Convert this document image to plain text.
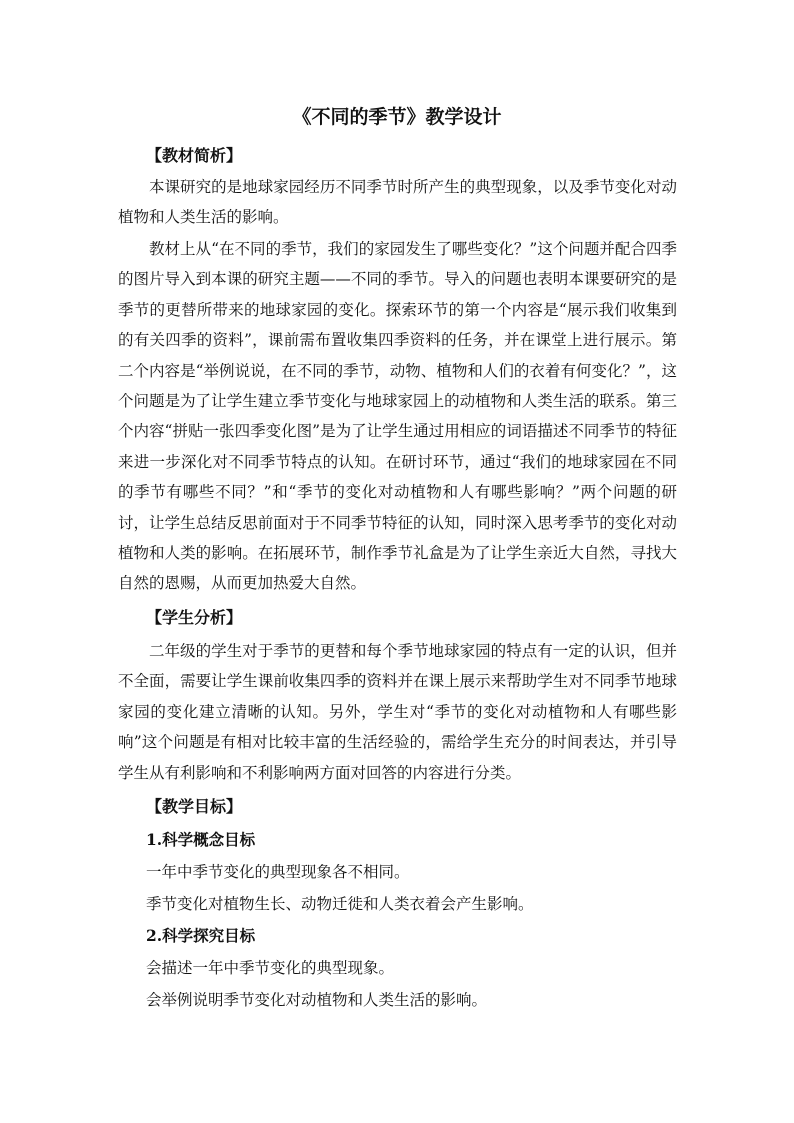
《不同的季节》教学设计
【教材简析】

本课研究的是地球家园经历不同季节时所产生的典型现象，以及季节变化对动植物和人类生活的影响。

教材上从“在不同的季节，我们的家园发生了哪些变化？”这个问题并配合四季的图片导入到本课的研究主题——不同的季节。导入的问题也表明本课要研究的是季节的更替所带来的地球家园的变化。探索环节的第一个内容是“展示我们收集到的有关四季的资料”，课前需布置收集四季资料的任务，并在课堂上进行展示。第二个内容是“举例说说，在不同的季节，动物、植物和人们的衣着有何变化？”，这个问题是为了让学生建立季节变化与地球家园上的动植物和人类生活的联系。第三个内容“拼贴一张四季变化图”是为了让学生通过用相应的词语描述不同季节的特征来进一步深化对不同季节特点的认知。在研讨环节，通过“我们的地球家园在不同的季节有哪些不同？”和“季节的变化对动植物和人有哪些影响？”两个问题的研讨，让学生总结反思前面对于不同季节特征的认知，同时深入思考季节的变化对动植物和人类的影响。在拓展环节，制作季节礼盒是为了让学生亲近大自然，寻找大自然的恩赐，从而更加热爱大自然。

【学生分析】

二年级的学生对于季节的更替和每个季节地球家园的特点有一定的认识，但并不全面，需要让学生课前收集四季的资料并在课上展示来帮助学生对不同季节地球家园的变化建立清晰的认知。另外，学生对“季节的变化对动植物和人有哪些影响”这个问题是有相对比较丰富的生活经验的，需给学生充分的时间表达，并引导学生从有利影响和不利影响两方面对回答的内容进行分类。

【教学目标】
1.科学概念目标

一年中季节变化的典型现象各不相同。

季节变化对植物生长、动物迁徙和人类衣着会产生影响。

2.科学探究目标

会描述一年中季节变化的典型现象。

会举例说明季节变化对动植物和人类生活的影响。
